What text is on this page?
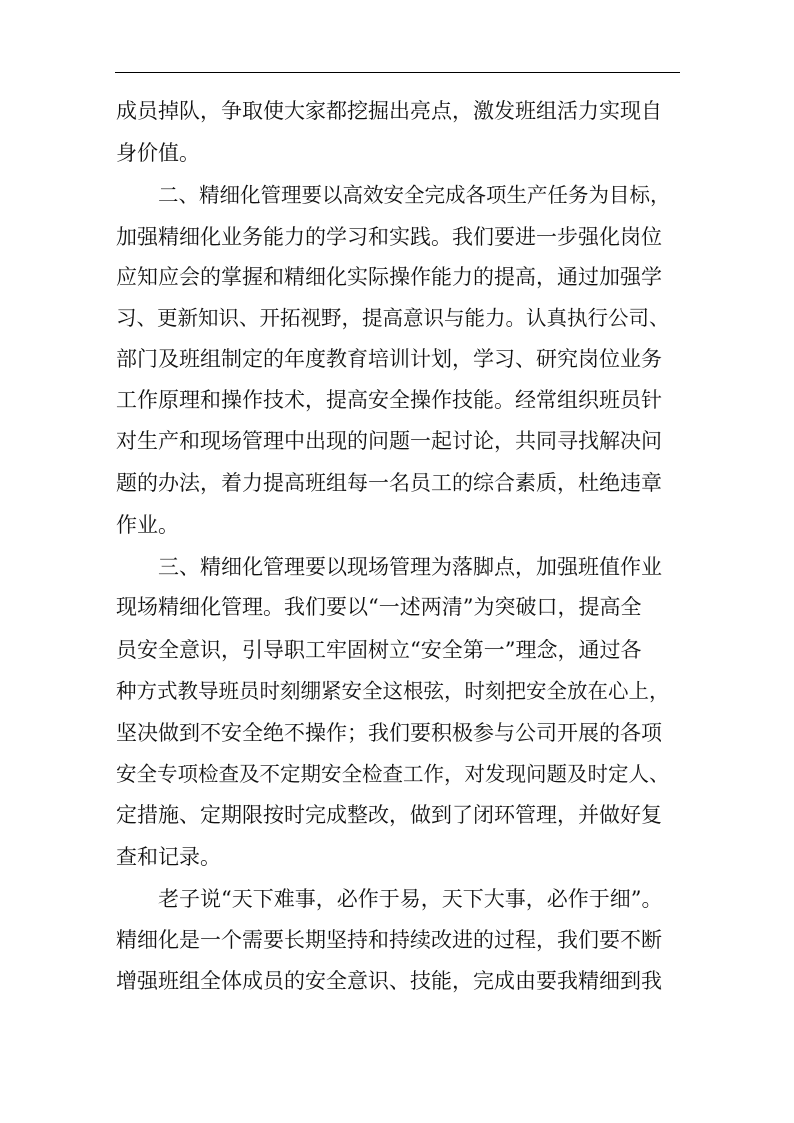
成员掉队，争取使大家都挖掘出亮点，激发班组活力实现自

身价值。

二、精细化管理要以高效安全完成各项生产任务为目标，

加强精细化业务能力的学习和实践。我们要进一步强化岗位

应知应会的掌握和精细化实际操作能力的提高，通过加强学

习、更新知识、开拓视野，提高意识与能力。认真执行公司、

部门及班组制定的年度教育培训计划，学习、研究岗位业务

工作原理和操作技术，提高安全操作技能。经常组织班员针

对生产和现场管理中出现的问题一起讨论，共同寻找解决问

题的办法，着力提高班组每一名员工的综合素质，杜绝违章

作业。

三、精细化管理要以现场管理为落脚点，加强班值作业

现场精细化管理。我们要以“一述两清”为突破口，提高全

员安全意识，引导职工牢固树立“安全第一”理念，通过各

种方式教导班员时刻绷紧安全这根弦，时刻把安全放在心上，

坚决做到不安全绝不操作；我们要积极参与公司开展的各项

安全专项检查及不定期安全检查工作，对发现问题及时定人、

定措施、定期限按时完成整改，做到了闭环管理，并做好复

查和记录。

老子说“天下难事，必作于易，天下大事，必作于细”。

精细化是一个需要长期坚持和持续改进的过程，我们要不断

增强班组全体成员的安全意识、技能，完成由要我精细到我
